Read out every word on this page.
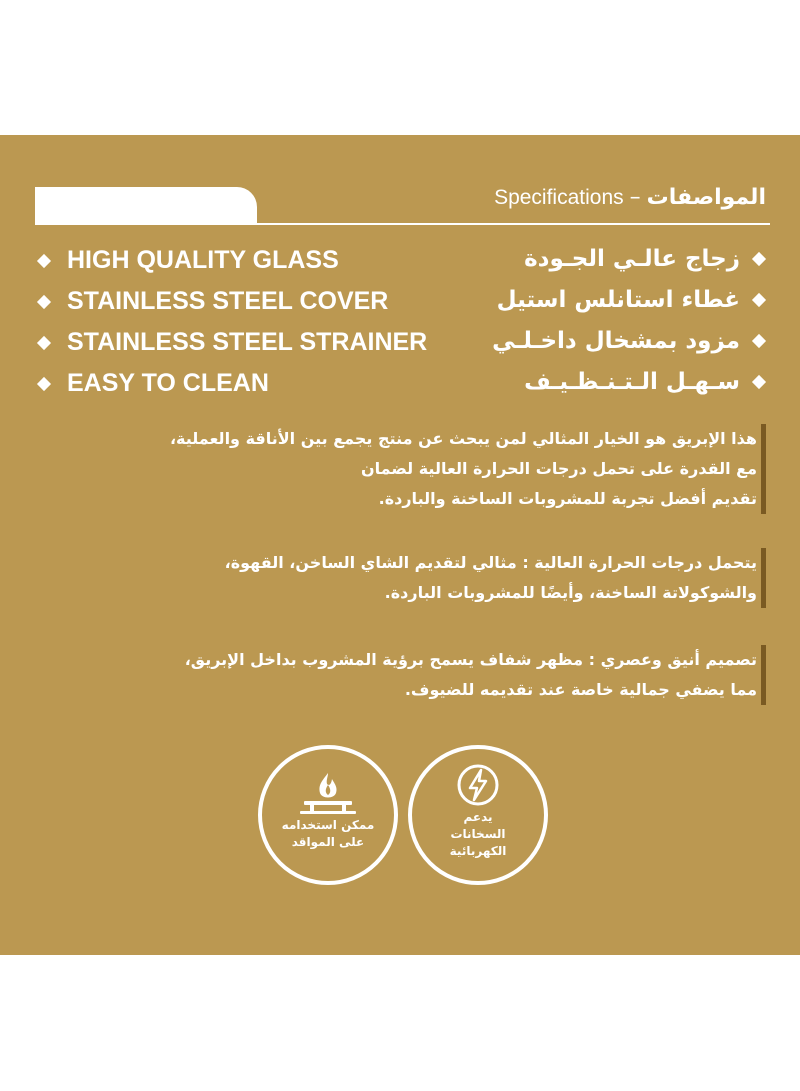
المواصفات–Specifications
HIGH QUALITY GLASS
STAINLESS STEEL COVER
STAINLESS STEEL STRAINER
EASY TO CLEAN
زجاج عالـي الجـودة
غطاء استانلس استيل
مزود بمشخال داخـلـي
سـهـل الـتـنـظـيـف
هذا الإبريق هو الخيار المثالي لمن يبحث عن منتج يجمع بين الأناقة والعملية،
مع القدرة على تحمل درجات الحرارة العالية لضمان
تقديم أفضل تجربة للمشروبات الساخنة والباردة.
يتحمل درجات الحرارة العالية : مثالي لتقديم الشاي الساخن، القهوة،
والشوكولاتة الساخنة، وأيضًا للمشروبات الباردة.
تصميم أنيق وعصري : مظهر شفاف يسمح برؤية المشروب بداخل الإبريق،
مما يضفي جمالية خاصة عند تقديمه للضيوف.
ممكن استخدامه
على المواقد
يدعم
السخانات
الكهربائية
